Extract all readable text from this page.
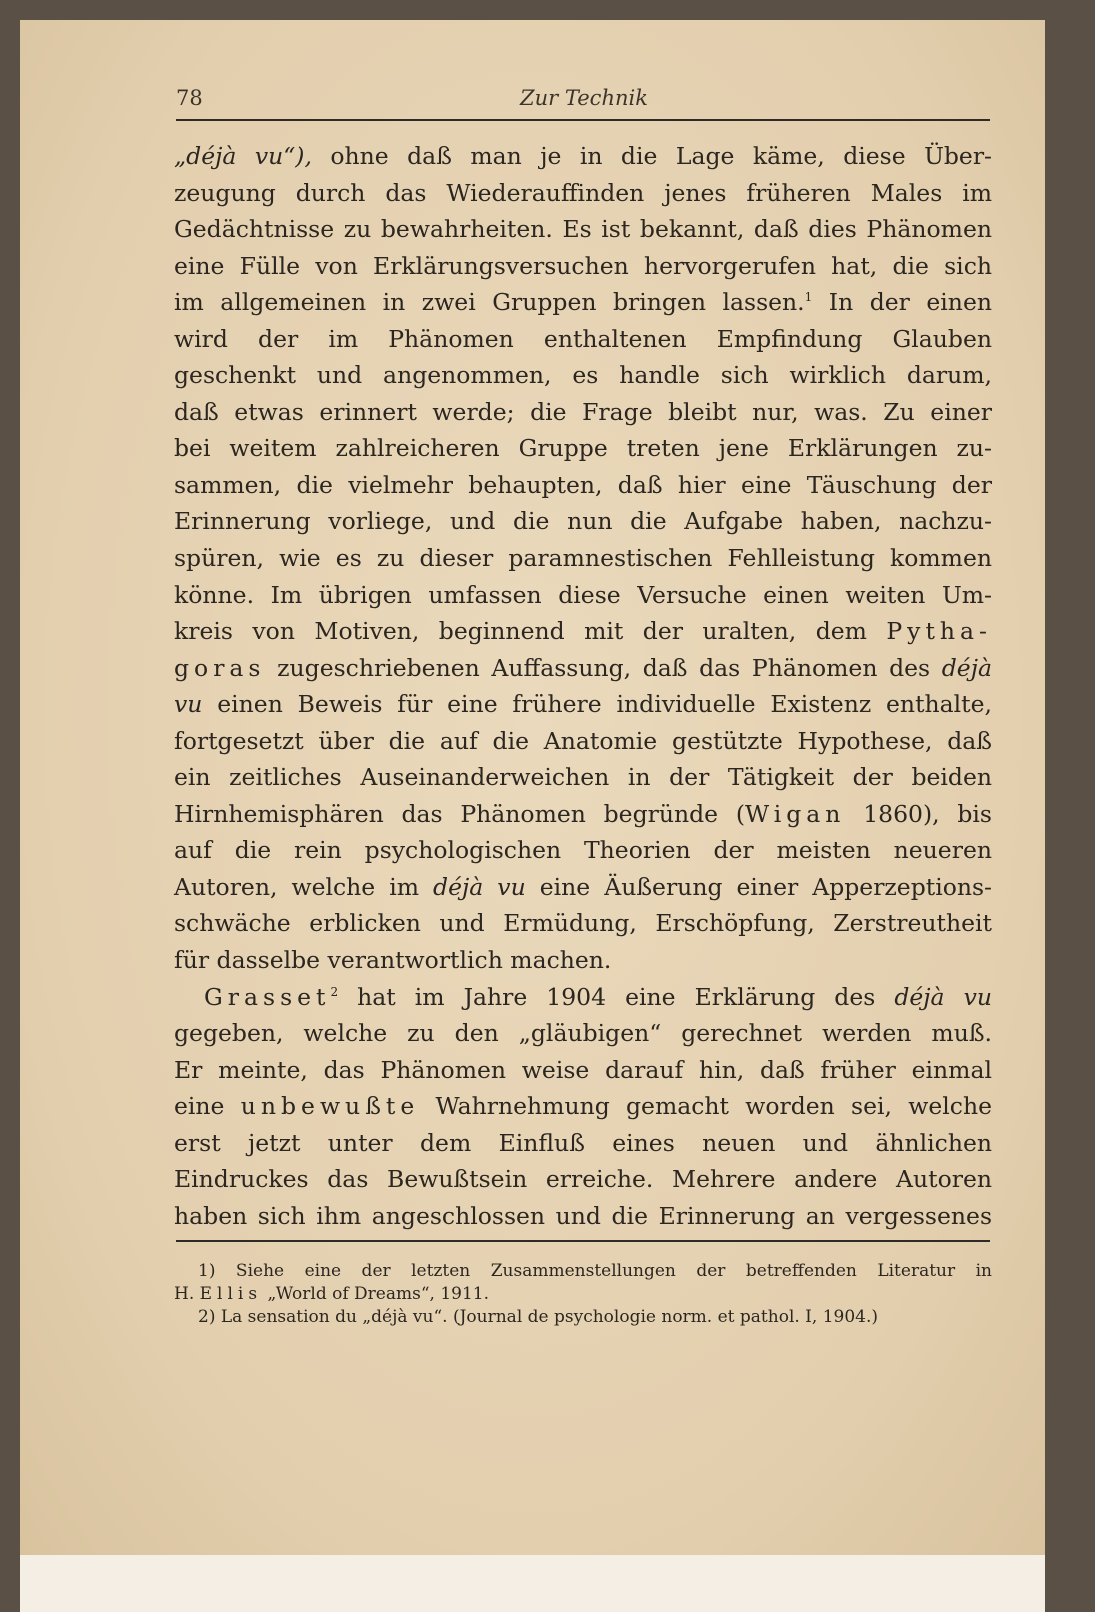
78	Zur Technik
„déjà vu“), ohne daß man je in die Lage käme, diese Über-
zeugung durch das Wiederauffinden jenes früheren Males im
Gedächtnisse zu bewahrheiten. Es ist bekannt, daß dies Phänomen
eine Fülle von Erklärungsversuchen hervorgerufen hat, die sich
im allgemeinen in zwei Gruppen bringen lassen.$^1$ In der einen
wird der im Phänomen enthaltenen Empfindung Glauben
geschenkt und angenommen, es handle sich wirklich darum,
daß etwas erinnert werde; die Frage bleibt nur, was. Zu einer
bei weitem zahlreicheren Gruppe treten jene Erklärungen zu-
sammen, die vielmehr behaupten, daß hier eine Täuschung der
Erinnerung vorliege, und die nun die Aufgabe haben, nachzu-
spüren, wie es zu dieser paramnestischen Fehlleistung kommen
könne. Im übrigen umfassen diese Versuche einen weiten Um-
kreis von Motiven, beginnend mit der uralten, dem Pytha-
goras zugeschriebenen Auffassung, daß das Phänomen des déjà
vu einen Beweis für eine frühere individuelle Existenz enthalte,
fortgesetzt über die auf die Anatomie gestützte Hypothese, daß
ein zeitliches Auseinanderweichen in der Tätigkeit der beiden
Hirnhemisphären das Phänomen begründe (Wigan 1860), bis
auf die rein psychologischen Theorien der meisten neueren
Autoren, welche im déjà vu eine Äußerung einer Apperzeptions-
schwäche erblicken und Ermüdung, Erschöpfung, Zerstreutheit
für dasselbe verantwortlich machen.
Grasset$^2$ hat im Jahre 1904 eine Erklärung des déjà vu
gegeben, welche zu den „gläubigen“ gerechnet werden muß.
Er meinte, das Phänomen weise darauf hin, daß früher einmal
eine unbewußte Wahrnehmung gemacht worden sei, welche
erst jetzt unter dem Einfluß eines neuen und ähnlichen
Eindruckes das Bewußtsein erreiche. Mehrere andere Autoren
haben sich ihm angeschlossen und die Erinnerung an vergessenes
1) Siehe eine der letzten Zusammenstellungen der betreffenden Literatur in
H. Ellis „World of Dreams“, 1911.
2) La sensation du „déjà vu“. (Journal de psychologie norm. et pathol. I, 1904.)
